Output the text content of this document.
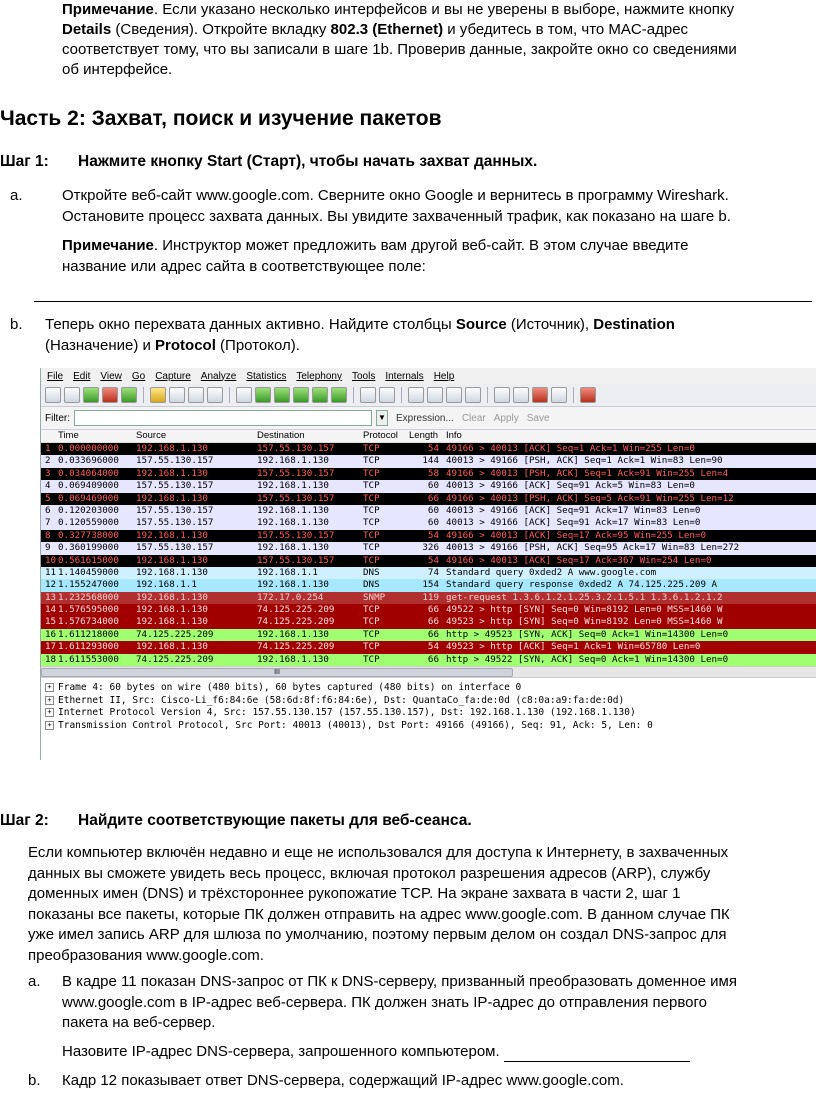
Примечание. Если указано несколько интерфейсов и вы не уверены в выборе, нажмите кнопку
Details (Сведения). Откройте вкладку 802.3 (Ethernet) и убедитесь в том, что MAC-адрес
соответствует тому, что вы записали в шаге 1b. Проверив данные, закройте окно со сведениями
об интерфейсе.
Часть 2: Захват, поиск и изучение пакетов
Шаг 1: Нажмите кнопку Start (Старт), чтобы начать захват данных.
a.	Откройте веб-сайт www.google.com. Сверните окно Google и вернитесь в программу Wireshark.
Остановите процесс захвата данных. Вы увидите захваченный трафик, как показано на шаге b.
Примечание. Инструктор может предложить вам другой веб-сайт. В этом случае введите
название или адрес сайта в соответствующее поле:
b. Теперь окно перехвата данных активно. Найдите столбцы Source (Источник), Destination
(Назначение) и Protocol (Протокол).
File Edit View Go Capture Analyze Statistics Telephony Tools Internals Help
Filter:	▼ Expression... Clear Apply Save
Time	Source	Destination	Protocol Length Info
1 0.000000000 192.168.1.130	157.55.130.157	TCP	54 49166 > 40013 [ACK] Seq=1 Ack=1 Win=255 Len=0
2 0.033696000 157.55.130.157	192.168.1.130	TCP	144 40013 > 49166 [PSH, ACK] Seq=1 Ack=1 Win=83 Len=90
3 0.034064000 192.168.1.130	157.55.130.157	TCP	58 49166 > 40013 [PSH, ACK] Seq=1 Ack=91 Win=255 Len=4
4 0.069409000 157.55.130.157	192.168.1.130	TCP	60 40013 > 49166 [ACK] Seq=91 Ack=5 Win=83 Len=0
5 0.069469000 192.168.1.130	157.55.130.157	TCP	66 49166 > 40013 [PSH, ACK] Seq=5 Ack=91 Win=255 Len=12
6 0.120203000 157.55.130.157	192.168.1.130	TCP	60 40013 > 49166 [ACK] Seq=91 Ack=17 Win=83 Len=0
7 0.120559000 157.55.130.157	192.168.1.130	TCP	60 40013 > 49166 [ACK] Seq=91 Ack=17 Win=83 Len=0
8 0.327738000 192.168.1.130	157.55.130.157	TCP	54 49166 > 40013 [ACK] Seq=17 Ack=95 Win=255 Len=0
9 0.360199000 157.55.130.157	192.168.1.130	TCP	326 40013 > 49166 [PSH, ACK] Seq=95 Ack=17 Win=83 Len=272
10 0.561615000 192.168.1.130	157.55.130.157	TCP	54 49166 > 40013 [ACK] Seq=17 Ack=367 Win=254 Len=0
11 1.140459000 192.168.1.130	192.168.1.1	DNS	74 Standard query 0xded2 A www.google.com
12 1.155247000 192.168.1.1	192.168.1.130	DNS	154 Standard query response 0xded2 A 74.125.225.209 A
13 1.232568000 192.168.1.130	172.17.0.254	SNMP	119 get-request 1.3.6.1.2.1.25.3.2.1.5.1 1.3.6.1.2.1.2
14 1.576595000 192.168.1.130	74.125.225.209	TCP	66 49522 > http [SYN] Seq=0 Win=8192 Len=0 MSS=1460 W
15 1.576734000 192.168.1.130	74.125.225.209	TCP	66 49523 > http [SYN] Seq=0 Win=8192 Len=0 MSS=1460 W
16 1.611218000 74.125.225.209	192.168.1.130	TCP	66 http > 49523 [SYN, ACK] Seq=0 Ack=1 Win=14300 Len=0
17 1.611293000 192.168.1.130	74.125.225.209	TCP	54 49523 > http [ACK] Seq=1 Ack=1 Win=65780 Len=0
18 1.611553000 74.125.225.209	192.168.1.130	TCP	66 http > 49522 [SYN, ACK] Seq=0 Ack=1 Win=14300 Len=0
III
+ Frame 4: 60 bytes on wire (480 bits), 60 bytes captured (480 bits) on interface 0
+ Ethernet II, Src: Cisco-Li_f6:84:6e (58:6d:8f:f6:84:6e), Dst: QuantaCo_fa:de:0d (c8:0a:a9:fa:de:0d)
+ Internet Protocol Version 4, Src: 157.55.130.157 (157.55.130.157), Dst: 192.168.1.130 (192.168.1.130)
+ Transmission Control Protocol, Src Port: 40013 (40013), Dst Port: 49166 (49166), Seq: 91, Ack: 5, Len: 0
Шаг 2: Найдите соответствующие пакеты для веб-сеанса.
Если компьютер включён недавно и еще не использовался для доступа к Интернету, в захваченных
данных вы сможете увидеть весь процесс, включая протокол разрешения адресов (ARP), службу
доменных имен (DNS) и трёхстороннее рукопожатие TCP. На экране захвата в части 2, шаг 1
показаны все пакеты, которые ПК должен отправить на адрес www.google.com. В данном случае ПК
уже имел запись ARP для шлюза по умолчанию, поэтому первым делом он создал DNS-запрос для
преобразования www.google.com.
a. В кадре 11 показан DNS-запрос от ПК к DNS-серверу, призванный преобразовать доменное имя
www.google.com в IP-адрес веб-сервера. ПК должен знать IP-адрес до отправления первого
пакета на веб-сервер.
Назовите IP-адрес DNS-сервера, запрошенного компьютером.
b. Кадр 12 показывает ответ DNS-сервера, содержащий IP-адрес www.google.com.
